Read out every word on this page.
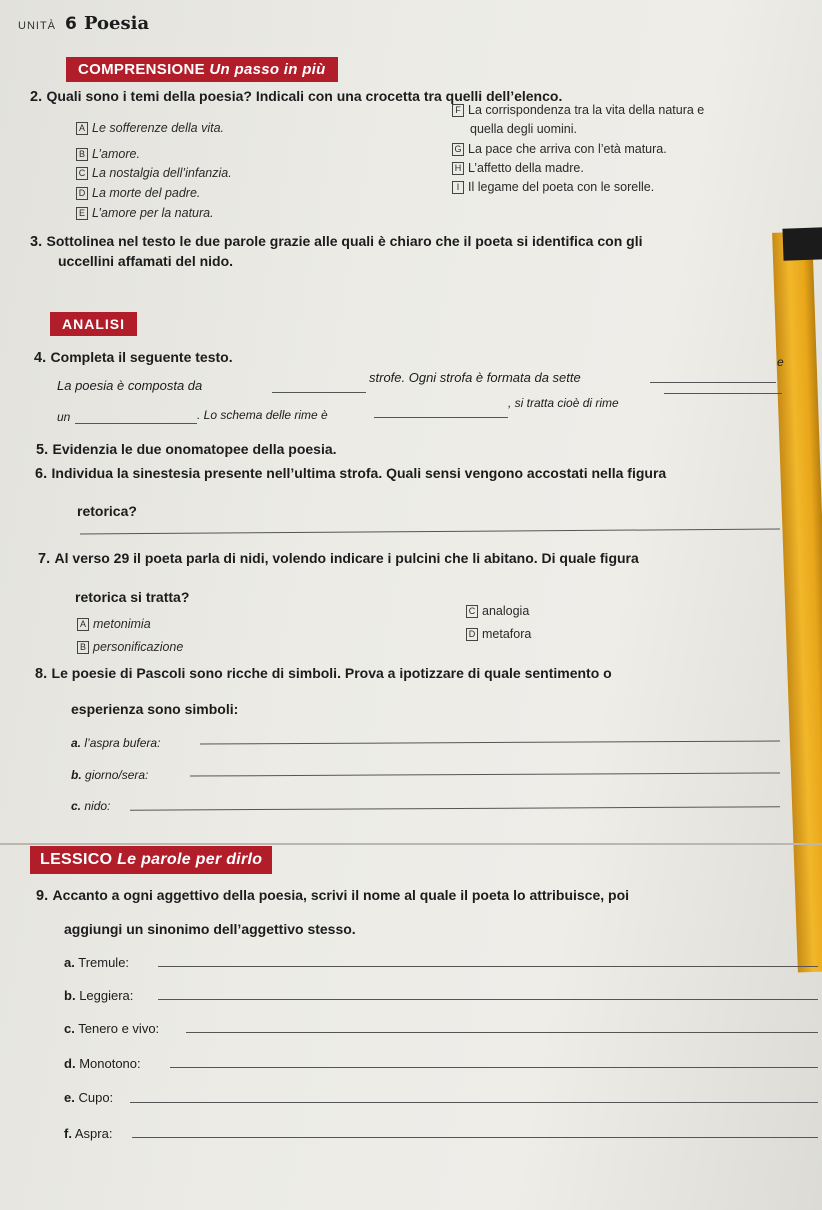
UNITÀ 6 Poesia
COMPRENSIONE Un passo in più
2. Quali sono i temi della poesia? Indicali con una crocetta tra quelli dell’elenco.
A Le sofferenze della vita.
B L’amore.
C La nostalgia dell’infanzia.
D La morte del padre.
E L’amore per la natura.
F La corrispondenza tra la vita della natura e
quella degli uomini.
G La pace che arriva con l’età matura.
H L’affetto della madre.
I Il legame del poeta con le sorelle.
3. Sottolinea nel testo le due parole grazie alle quali è chiaro che il poeta si identifica con gli
uccellini affamati del nido.
ANALISI
4. Completa il seguente testo.
La poesia è composta da
strofe. Ogni strofa è formata da sette
e
un	. Lo schema delle rime è
, si tratta cioè di rime
5. Evidenzia le due onomatopee della poesia.
6. Individua la sinestesia presente nell’ultima strofa. Quali sensi vengono accostati nella figura
retorica?
7. Al verso 29 il poeta parla di nidi, volendo indicare i pulcini che li abitano. Di quale figura
retorica si tratta?
A metonimia
B personificazione
C analogia
D metafora
8. Le poesie di Pascoli sono ricche di simboli. Prova a ipotizzare di quale sentimento o
esperienza sono simboli:
a. l’aspra bufera:
b. giorno/sera:
c. nido:
LESSICO Le parole per dirlo
9. Accanto a ogni aggettivo della poesia, scrivi il nome al quale il poeta lo attribuisce, poi
aggiungi un sinonimo dell’aggettivo stesso.
a. Tremule:
b. Leggiera:
c. Tenero e vivo:
d. Monotono:
e. Cupo:
f. Aspra:
